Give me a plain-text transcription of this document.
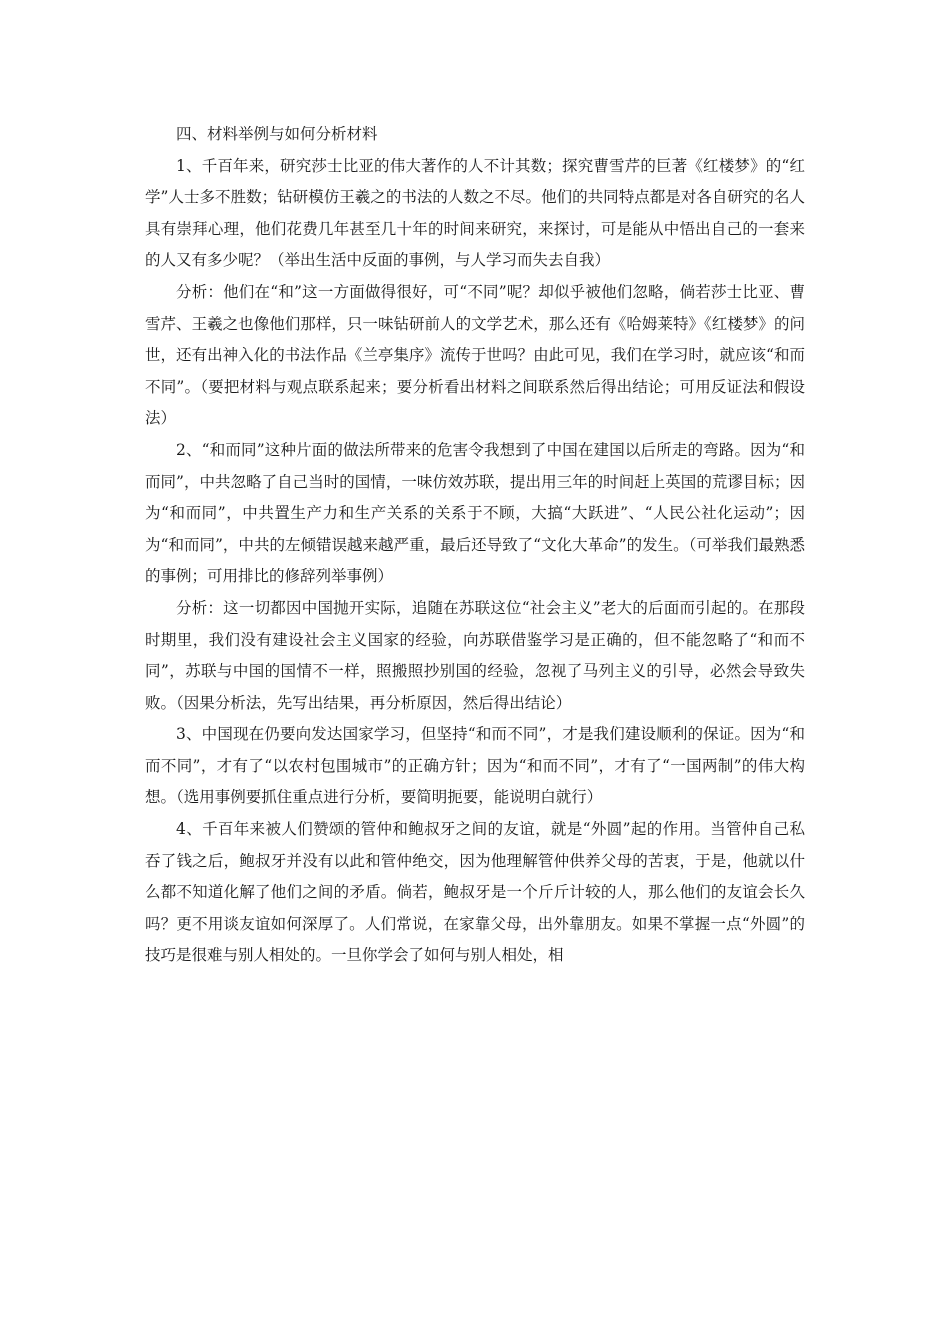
四、材料举例与如何分析材料

1、千百年来，研究莎士比亚的伟大著作的人不计其数；探究曹雪芹的巨著《红楼梦》的“红学”人士多不胜数；钻研模仿王羲之的书法的人数之不尽。他们的共同特点都是对各自研究的名人具有崇拜心理，他们花费几年甚至几十年的时间来研究，来探讨，可是能从中悟出自己的一套来的人又有多少呢？（举出生活中反面的事例，与人学习而失去自我）

分析：他们在“和”这一方面做得很好，可“不同”呢？却似乎被他们忽略，倘若莎士比亚、曹雪芹、王羲之也像他们那样，只一味钻研前人的文学艺术，那么还有《哈姆莱特》《红楼梦》的问世，还有出神入化的书法作品《兰亭集序》流传于世吗？由此可见，我们在学习时，就应该“和而不同”。（要把材料与观点联系起来；要分析看出材料之间联系然后得出结论；可用反证法和假设法）

2、“和而同”这种片面的做法所带来的危害令我想到了中国在建国以后所走的弯路。因为“和而同”，中共忽略了自己当时的国情，一味仿效苏联，提出用三年的时间赶上英国的荒谬目标；因为“和而同”，中共置生产力和生产关系的关系于不顾，大搞“大跃进”、“人民公社化运动”；因为“和而同”，中共的左倾错误越来越严重，最后还导致了“文化大革命”的发生。（可举我们最熟悉的事例；可用排比的修辞列举事例）

分析：这一切都因中国抛开实际，追随在苏联这位“社会主义”老大的后面而引起的。在那段时期里，我们没有建设社会主义国家的经验，向苏联借鉴学习是正确的，但不能忽略了“和而不同”，苏联与中国的国情不一样，照搬照抄别国的经验，忽视了马列主义的引导，必然会导致失败。（因果分析法，先写出结果，再分析原因，然后得出结论）

3、中国现在仍要向发达国家学习，但坚持“和而不同”，才是我们建设顺利的保证。因为“和而不同”，才有了“以农村包围城市”的正确方针；因为“和而不同”，才有了“一国两制”的伟大构想。（选用事例要抓住重点进行分析，要简明扼要，能说明白就行）

4、千百年来被人们赞颂的管仲和鲍叔牙之间的友谊，就是“外圆”起的作用。当管仲自己私吞了钱之后，鲍叔牙并没有以此和管仲绝交，因为他理解管仲供养父母的苦衷，于是，他就以什么都不知道化解了他们之间的矛盾。倘若，鲍叔牙是一个斤斤计较的人，那么他们的友谊会长久吗？更不用谈友谊如何深厚了。人们常说，在家靠父母，出外靠朋友。如果不掌握一点“外圆”的技巧是很难与别人相处的。一旦你学会了如何与别人相处，相
